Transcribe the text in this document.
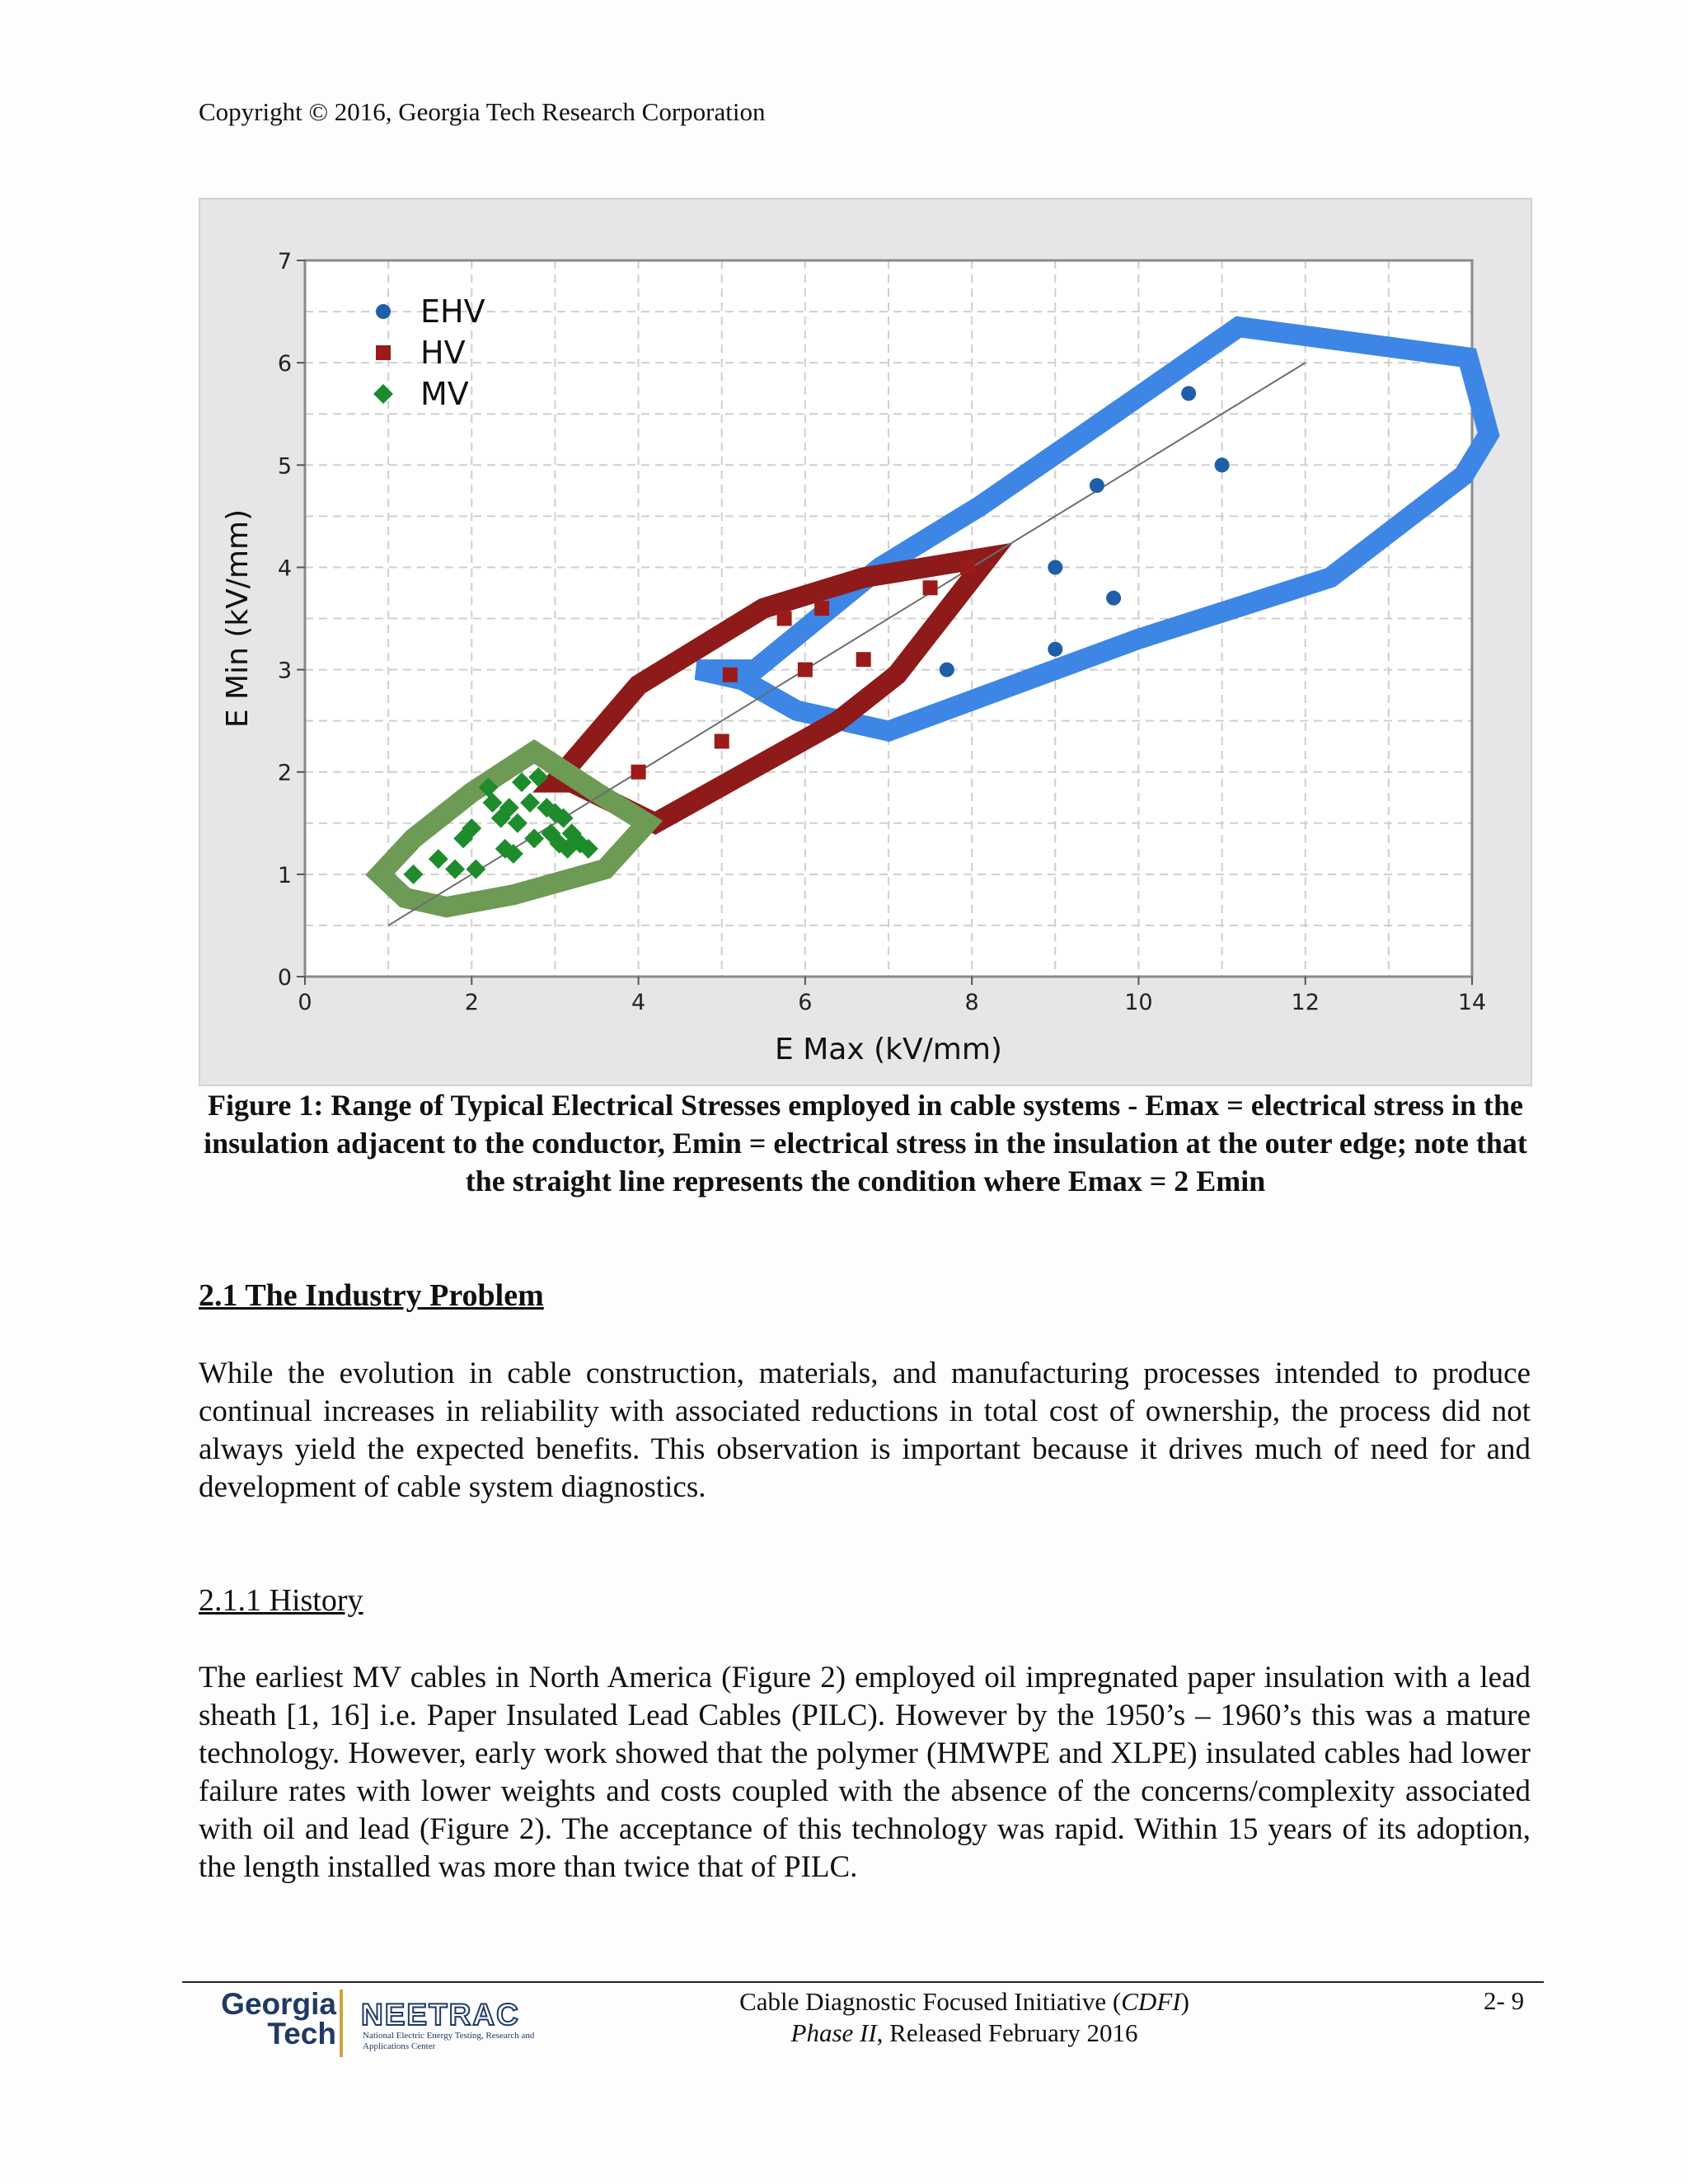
Copyright © 2016, Georgia Tech Research Corporation
0	2	4	6	8	10	12	14
0
1
2
3
4
5
6
7
E Max (kV/mm)
E Min (kV/mm)
EHV
HV
MV
Figure 1: Range of Typical Electrical Stresses employed in cable systems - Emax = electrical stress in the insulation adjacent to the conductor, Emin = electrical stress in the insulation at the outer edge; note that the straight line represents the condition where Emax = 2 Emin
2.1 The Industry Problem
While the evolution in cable construction, materials, and manufacturing processes intended to produce continual increases in reliability with associated reductions in total cost of ownership, the process did not always yield the expected benefits. This observation is important because it drives much of need for and development of cable system diagnostics.
2.1.1 History
The earliest MV cables in North America (Figure 2) employed oil impregnated paper insulation with a lead sheath [1, 16] i.e. Paper Insulated Lead Cables (PILC). However by the 1950’s – 1960’s this was a mature technology. However, early work showed that the polymer (HMWPE and XLPE) insulated cables had lower failure rates with lower weights and costs coupled with the absence of the concerns/complexity associated with oil and lead (Figure 2). The acceptance of this technology was rapid. Within 15 years of its adoption, the length installed was more than twice that of PILC.
Georgia
Tech
NEETRAC
National Electric Energy Testing, Research and Applications Center
Cable Diagnostic Focused Initiative (CDFI)
Phase II, Released February 2016
2- 9
